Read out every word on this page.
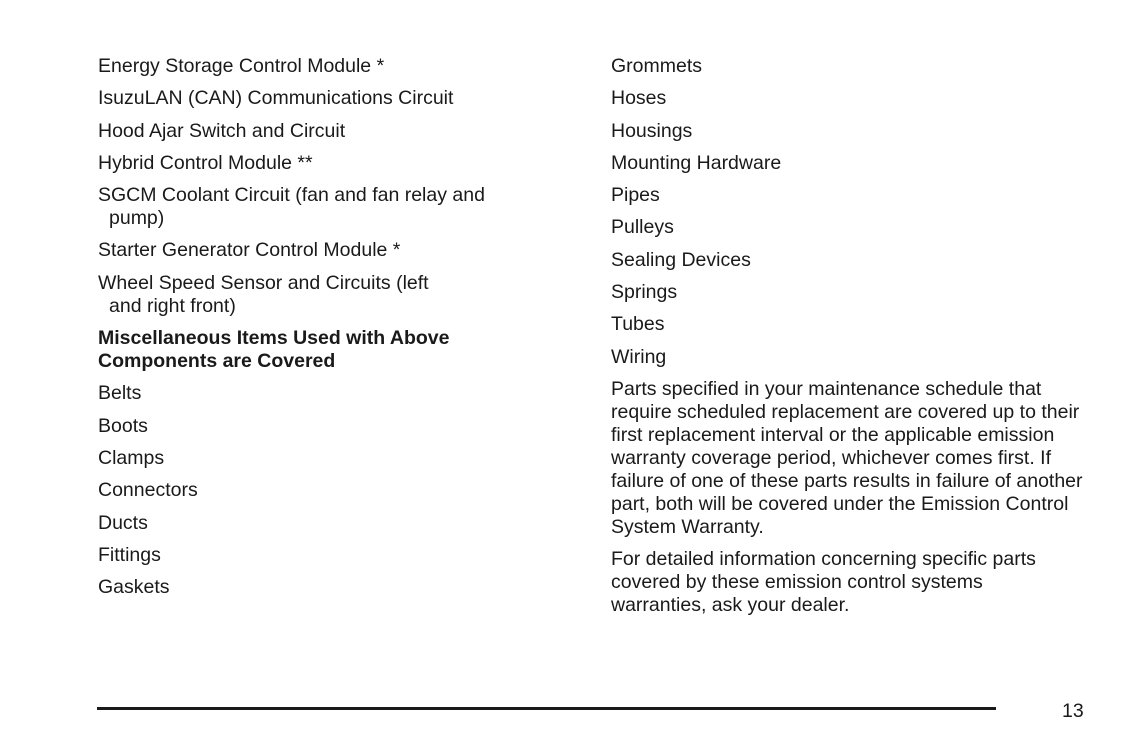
Energy Storage Control Module *
IsuzuLAN (CAN) Communications Circuit
Hood Ajar Switch and Circuit
Hybrid Control Module **
SGCM Coolant Circuit (fan and fan relay and pump)
Starter Generator Control Module *
Wheel Speed Sensor and Circuits (left and right front)
Miscellaneous Items Used with Above Components are Covered
Belts
Boots
Clamps
Connectors
Ducts
Fittings
Gaskets
Grommets
Hoses
Housings
Mounting Hardware
Pipes
Pulleys
Sealing Devices
Springs
Tubes
Wiring
Parts specified in your maintenance schedule that require scheduled replacement are covered up to their first replacement interval or the applicable emission warranty coverage period, whichever comes first. If failure of one of these parts results in failure of another part, both will be covered under the Emission Control System Warranty.
For detailed information concerning specific parts covered by these emission control systems warranties, ask your dealer.
13
